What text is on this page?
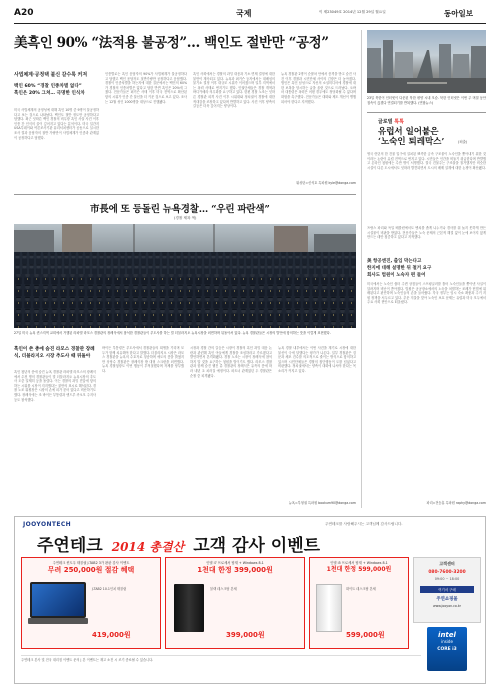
A20	국제	이 제23049호 2014년 12월 29일 월요일	동아일보
美흑인 90% “法적용 불공정”… 백인도 절반만 “공정”
사법체계·공정택 불신 갈수록 커져
백인 60% “경찰 인종차별 없다”
흑인은 20% 그쳐… 극명한 인식차
미국 사법체계의 공정성에 대해 흑인 10명 중 9명이 불공정하다고 보는 것으로 나타났다. 백인도 절반 정도만 공정하다고 답했다. 최근 잇따른 백인 경찰의 비무장 흑인 사살 사건 이후 인종 간 인식의 골이 깊어지고 있다는 분석이다. 미국 일간지 USA투데이와 여론조사기관 퓨리서치센터가 공동으로 실시한 조사 결과 응답자의 절반 가량만이 사법체계가 인종과 관계없이 공정하다고 답했다.
인종별로는 흑인 응답자의 90%가 사법체계가 불공정하다고 답했고 백인 응답자도 절반가량만 공정하다고 응답했다. 경찰이 인종차별을 하는지에 대한 질문에서는 백인의 60%가 경찰의 인종차별은 없다고 답한 반면 흑인은 20%에 그쳤다. 전문가들은 퍼거슨 사태 이후 미국 전역으로 확산된 항의 시위가 인종 간 불신을 더 키운 것으로 보고 있다. 조사는 12월 성인 1000명을 대상으로 진행됐다.
흑인 사회에서는 경찰의 과잉 대응과 기소 면제 결정에 대한 불만이 계속되고 있다. 뉴욕과 퍼거슨 등지에서는 대배심의 불기소 결정 이후 대규모 시위가 이어졌으며 일부 지역에서는 폭력 사태로 번지기도 했다. 인권단체들은 경찰 개혁과 바디카메라 의무화를 요구하고 있다. 한편 경찰 노조는 잇따른 경찰관 피격 사건 이후 시위대와 정치권이 경찰에 대한 적대감을 조장하고 있다며 반발하고 있다. 사건 이후 양측의 갈등은 더욱 깊어지는 양상이다.
뉴욕 경찰관 2명이 순찰차 안에서 총격을 받고 숨진 사건 이후 경찰과 시민단체 사이의 긴장은 더 높아졌다. 범인은 흑인 남성으로 자신의 소셜미디어에 경찰에 대한 보복을 암시하는 글을 올린 것으로 드러났다. 오바마 대통령은 폭력은 어떤 경우에도 정당화될 수 없다며 화합을 촉구했다. 전문가들은 대화와 제도 개선이 병행되어야 한다고 지적했다.
워싱턴=신석호 특파원 kyle@donga.com
23일 북한이 인터넷이 다운된 북한 평양 시내 모습. 북한 인터넷은 이번 주 며칠 동안 접속이 끊겼다 연결되기를 반복했다. (연합뉴스)
글로벌 톡톡
유럽서 일어붙은
‘노숙인 퇴레막스’	(퇴출)
영국 런던의 한 건물 입구에 설치된 뾰족한 금속 구조물이 노숙인을 쫓아내기 위한 것이라는 논란이 유럽 전역으로 번지고 있다. 시민들은 인간을 비둘기 취급한다며 반발했고 온라인 청원에는 수만 명이 서명했다. 결국 건물주는 구조물을 철거했지만 비슷한 시설이 다른 도시에서도 잇따라 발견되면서 도시의 배제 설계에 대한 논쟁이 확산됐다.
프랑스 파리와 독일 베를린에서도 벤치를 좁게 나누거나 경사를 줘 눕지 못하게 만든 시설물이 비판을 받았다. 전문가들은 노숙 문제의 근본적 해결 없이 눈에 보이지 않게 만드는 데만 집중하고 있다고 지적했다.
美 항공엔진, 출입 막는다고
한지에 대해 설명한 뒤 철거 요구
회사도 법원이 노숙자 편 들어
미국에서는 노숙인 쉼터 주변 상점들이 스프링클러를 틀어 노숙인들을 쫓아낸 사실이 알려지며 비난이 쏟아졌다. 법원은 공공장소에서의 노숙을 처벌하는 조례가 헌법에 위배된다고 판단하며 노숙인들의 손을 들어줬다. 각국 정부는 임시 숙소 확충과 주거 지원 정책을 서두르고 있다. 추운 겨울을 맞아 노숙인 보호 문제는 유럽과 미국 모두에서 주요 사회 현안으로 떠올랐다.
파리=전승훈 특파원 raphy@donga.com
市長에 또 등돌린 뉴욕경찰… “우린 파란색”
(경찰 제복 색)
27일 미국 뉴욕 퀸스지역 교회에서 거행된 라파엘 라모스 경찰관의 장례식에서 참석한 경찰관들이 추도사를 하는 빌 더블라지오 뉴욕시장을 외면하며 뒤돌아서 있다. 뉴욕 경찰관들은 시장의 발언에 항의하는 뜻을 이렇게 표현했다.
흑인이 쏜 총에 숨진 라모스 경찰관 장례식, 더블라지오 시장 추도사 때 뒤돌아
흑인 청년의 총에 숨진 뉴욕 경찰관 라파엘 라모스의 장례식에서 수천 명의 경찰관들이 빌 더블라지오 뉴욕시장의 추도사 도중 일제히 등을 돌렸다. 이는 경찰의 과잉 진압에 항의하는 시위를 시장이 지지했다는 불만의 표시로 해석된다. 경찰 노조 위원장은 시장의 손에 피가 묻어 있다고 비난하기도 했다. 장례식에는 조 바이든 부통령과 앤드루 쿠오모 주지사 등도 참석했다.
바이든 부통령은 추도사에서 경찰관들의 희생을 기리며 모두가 함께 치유해야 한다고 말했다. 더블라지오 시장은 라모스 경찰관을 뉴욕의 수호자로 칭송하며 애도의 뜻을 밝혔지만 상당수 경찰관은 장례식장 밖 대형 스크린을 외면했다. 뉴욕 경찰청장도 이번 행동이 부적절했다며 자제를 당부했다.
시장과 경찰 간의 갈등은 시장이 경찰의 흑인 과잉 대응 논란과 관련해 흑인 아들에게 경찰을 조심하라고 가르쳤다고 발언하면서 본격화됐다. 경찰 노조는 시장이 장례식에 참석하지 말 것을 요구하는 청원을 벌이기도 했다. 라모스 경찰관과 함께 숨진 웬진 류 경찰관의 장례식은 유족의 뜻에 따라 내년 초 치러질 예정이다. 파트너 관계였던 두 경찰관은 순찰 중 피격됐다.
뉴욕 경찰 내부에서는 이번 사건을 계기로 시장에 대한 불신이 극에 달했다는 평가가 나온다. 일부 경찰관은 검문과 체포 건수를 의도적으로 줄이는 방식으로 항의하고 있으며 시민단체들은 경찰의 집단행동이 도를 넘었다고 비판했다. 정치권에서는 양측이 대화에 나서야 한다는 목소리가 커지고 있다.
뉴욕=부형권 특파원 bookum90@donga.com
JOOYONTECH	주연테크를 사랑해주시는 고객님께 감사드립니다.
주연테크 2014 총결산 고객 감사 이벤트
주연테크 윈도우 태블릿 J-TAB2 3가 완판 감사 이벤트
무려 250,000원 절감 혜택
J-TAB2 10.1인치 태블릿
419,000원
인텔 i7 프로세서 탑재 + Windows 8.1
1천대 한정 399,000원
블랙 데스크탑 본체
399,000원
인텔 i5 프로세서 탑재 + Windows 8.1
1천대 한정 599,000원
화이트 데스크탑 본체
599,000원
고객센터
080-7600-3200
09:00 ~ 18:00
여기서 구매
주연쇼핑몰
www.jooyon.co.kr
intel
inside
CORE i3
주연테크 본사 및 전국 대리점 이벤트 문의 | 본 이벤트는 재고 소진 시 조기 종료될 수 있습니다.
